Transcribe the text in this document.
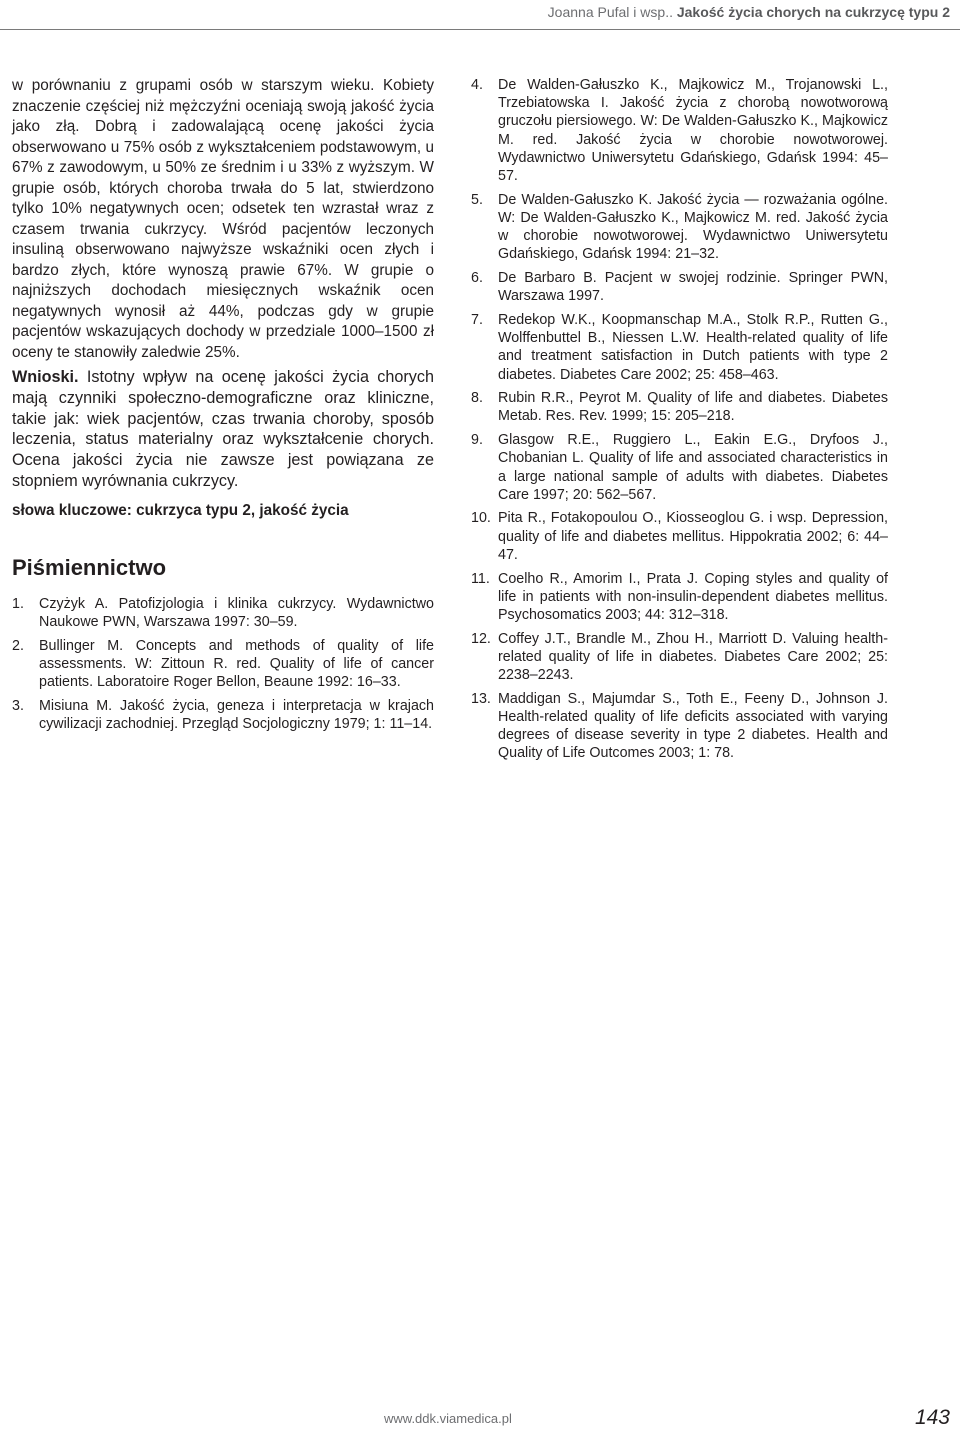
Joanna Pufal i wsp.. Jakość życia chorych na cukrzycę typu 2

w porównaniu z grupami osób w starszym wieku. Kobiety znaczenie częściej niż mężczyźni oceniają swoją jakość życia jako złą. Dobrą i zadowalającą ocenę jakości życia obserwowano u 75% osób z wykształceniem podstawowym, u 67% z zawodowym, u 50% ze średnim i u 33% z wyższym. W grupie osób, których choroba trwała do 5 lat, stwierdzono tylko 10% negatywnych ocen; odsetek ten wzrastał wraz z czasem trwania cukrzycy. Wśród pacjentów leczonych insuliną obserwowano najwyższe wskaźniki ocen złych i bardzo złych, które wynoszą prawie 67%. W grupie o najniższych dochodach miesięcznych wskaźnik ocen negatywnych wynosił aż 44%, podczas gdy w grupie pacjentów wskazujących dochody w przedziale 1000–1500 zł oceny te stanowiły zaledwie 25%.

Wnioski. Istotny wpływ na ocenę jakości życia chorych mają czynniki społeczno-demograficzne oraz kliniczne, takie jak: wiek pacjentów, czas trwania choroby, sposób leczenia, status materialny oraz wykształcenie chorych. Ocena jakości życia nie zawsze jest powiązana ze stopniem wyrównania cukrzycy.

słowa kluczowe: cukrzyca typu 2, jakość życia

Piśmiennictwo
1.	Czyżyk A. Patofizjologia i klinika cukrzycy. Wydawnictwo Naukowe PWN, Warszawa 1997: 30–59.
2.	Bullinger M. Concepts and methods of quality of life assessments. W: Zittoun R. red. Quality of life of cancer patients. Laboratoire Roger Bellon, Beaune 1992: 16–33.
3.	Misiuna M. Jakość życia, geneza i interpretacja w krajach cywilizacji zachodniej. Przegląd Socjologiczny 1979; 1: 11–14.
4.	De Walden-Gałuszko K., Majkowicz M., Trojanowski L., Trzebiatowska I. Jakość życia z chorobą nowotworową gruczołu piersiowego. W: De Walden-Gałuszko K., Majkowicz M. red. Jakość życia w chorobie nowotworowej. Wydawnictwo Uniwersytetu Gdańskiego, Gdańsk 1994: 45–57.
5.	De Walden-Gałuszko K. Jakość życia — rozważania ogólne. W: De Walden-Gałuszko K., Majkowicz M. red. Jakość życia w chorobie nowotworowej. Wydawnictwo Uniwersytetu Gdańskiego, Gdańsk 1994: 21–32.
6.	De Barbaro B. Pacjent w swojej rodzinie. Springer PWN, Warszawa 1997.
7.	Redekop W.K., Koopmanschap M.A., Stolk R.P., Rutten G., Wolffenbuttel B., Niessen L.W. Health-related quality of life and treatment satisfaction in Dutch patients with type 2 diabetes. Diabetes Care 2002; 25: 458–463.
8.	Rubin R.R., Peyrot M. Quality of life and diabetes. Diabetes Metab. Res. Rev. 1999; 15: 205–218.
9.	Glasgow R.E., Ruggiero L., Eakin E.G., Dryfoos J., Chobanian L. Quality of life and associated characteristics in a large national sample of adults with diabetes. Diabetes Care 1997; 20: 562–567.
10. Pita R., Fotakopoulou O., Kiosseoglou G. i wsp. Depression, quality of life and diabetes mellitus. Hippokratia 2002; 6: 44–47.
11. Coelho R., Amorim I., Prata J. Coping styles and quality of life in patients with non-insulin-dependent diabetes mellitus. Psychosomatics 2003; 44: 312–318.
12. Coffey J.T., Brandle M., Zhou H., Marriott D. Valuing health-related quality of life in diabetes. Diabetes Care 2002; 25: 2238–2243.
13. Maddigan S., Majumdar S., Toth E., Feeny D., Johnson J. Health-related quality of life deficits associated with varying degrees of disease severity in type 2 diabetes. Health and Quality of Life Outcomes 2003; 1: 78.
www.ddk.viamedica.pl	143
